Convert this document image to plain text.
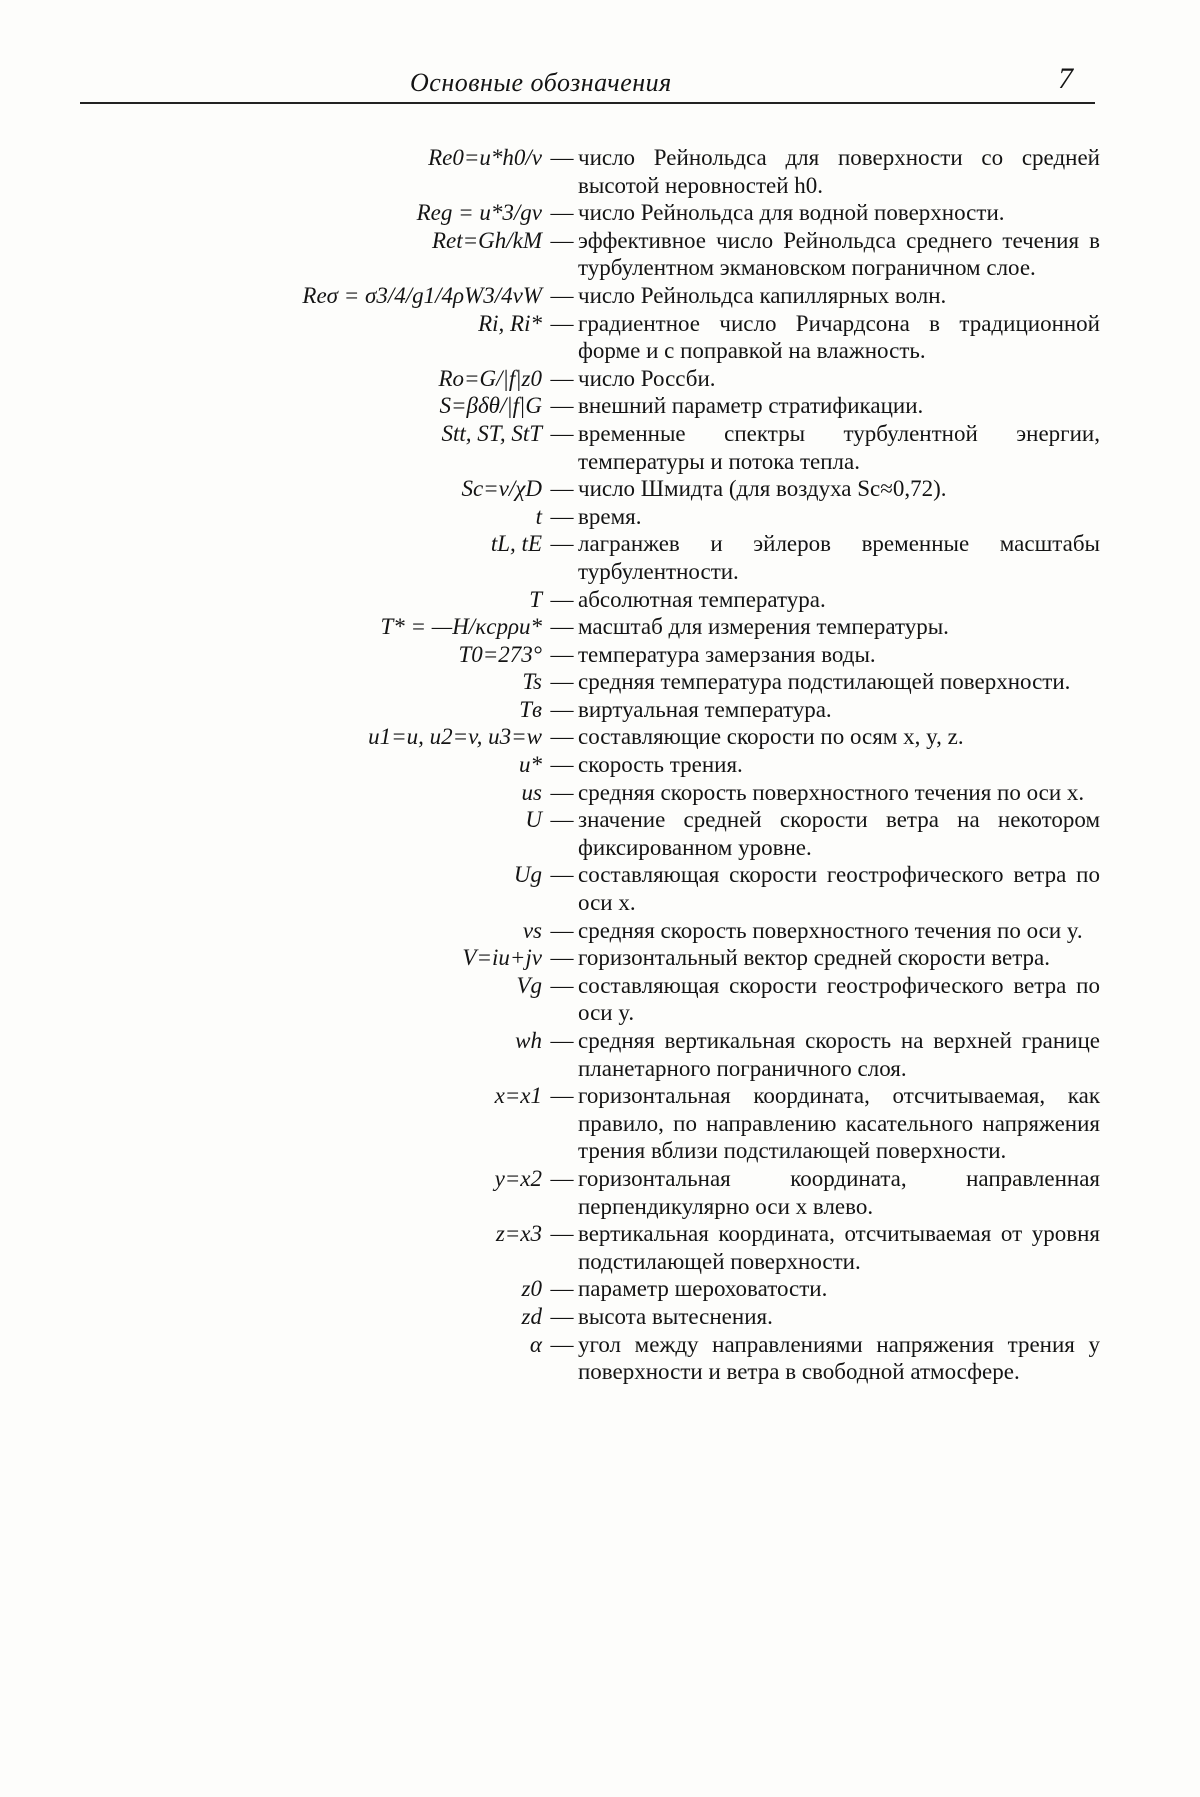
Основные обозначения	7
Re0=u*h0/ν — число Рейнольдса для поверхности со средней высотой неровностей h0.
Reg = u*3/gν — число Рейнольдса для водной поверхности.
Ret=Gh/kM — эффективное число Рейнольдса среднего течения в турбулентном экмановском пограничном слое.
Reσ = σ3/4/g1/4ρW3/4νW — число Рейнольдса капиллярных волн.
Ri, Ri* — градиентное число Ричардсона в традиционной форме и с поправкой на влажность.
Ro=G/|f|z0 — число Россби.
S=βδθ/|f|G — внешний параметр стратификации.
Stt, ST, StT — временные спектры турбулентной энергии, температуры и потока тепла.
Sc=ν/χD — число Шмидта (для воздуха Sc≈0,72).
t — время.
tL, tE — лагранжев и эйлеров временные масштабы турбулентности.
T — абсолютная температура.
T* = —H/κcpρu* — масштаб для измерения температуры.
T0=273° — температура замерзания воды.
Ts — средняя температура подстилающей поверхности.
Tв — виртуальная температура.
u1=u, u2=v, u3=w — составляющие скорости по осям x, y, z.
u* — скорость трения.
us — средняя скорость поверхностного течения по оси x.
U — значение средней скорости ветра на некотором фиксированном уровне.
Ug — составляющая скорости геострофического ветра по оси x.
vs — средняя скорость поверхностного течения по оси y.
V=iu+jv — горизонтальный вектор средней скорости ветра.
Vg — составляющая скорости геострофического ветра по оси y.
wh — средняя вертикальная скорость на верхней границе планетарного пограничного слоя.
x=x1 — горизонтальная координата, отсчитываемая, как правило, по направлению касательного напряжения трения вблизи подстилающей поверхности.
y=x2 — горизонтальная координата, направленная перпендикулярно оси x влево.
z=x3 — вертикальная координата, отсчитываемая от уровня подстилающей поверхности.
z0 — параметр шероховатости.
zd — высота вытеснения.
α — угол между направлениями напряжения трения у поверхности и ветра в свободной атмосфере.
